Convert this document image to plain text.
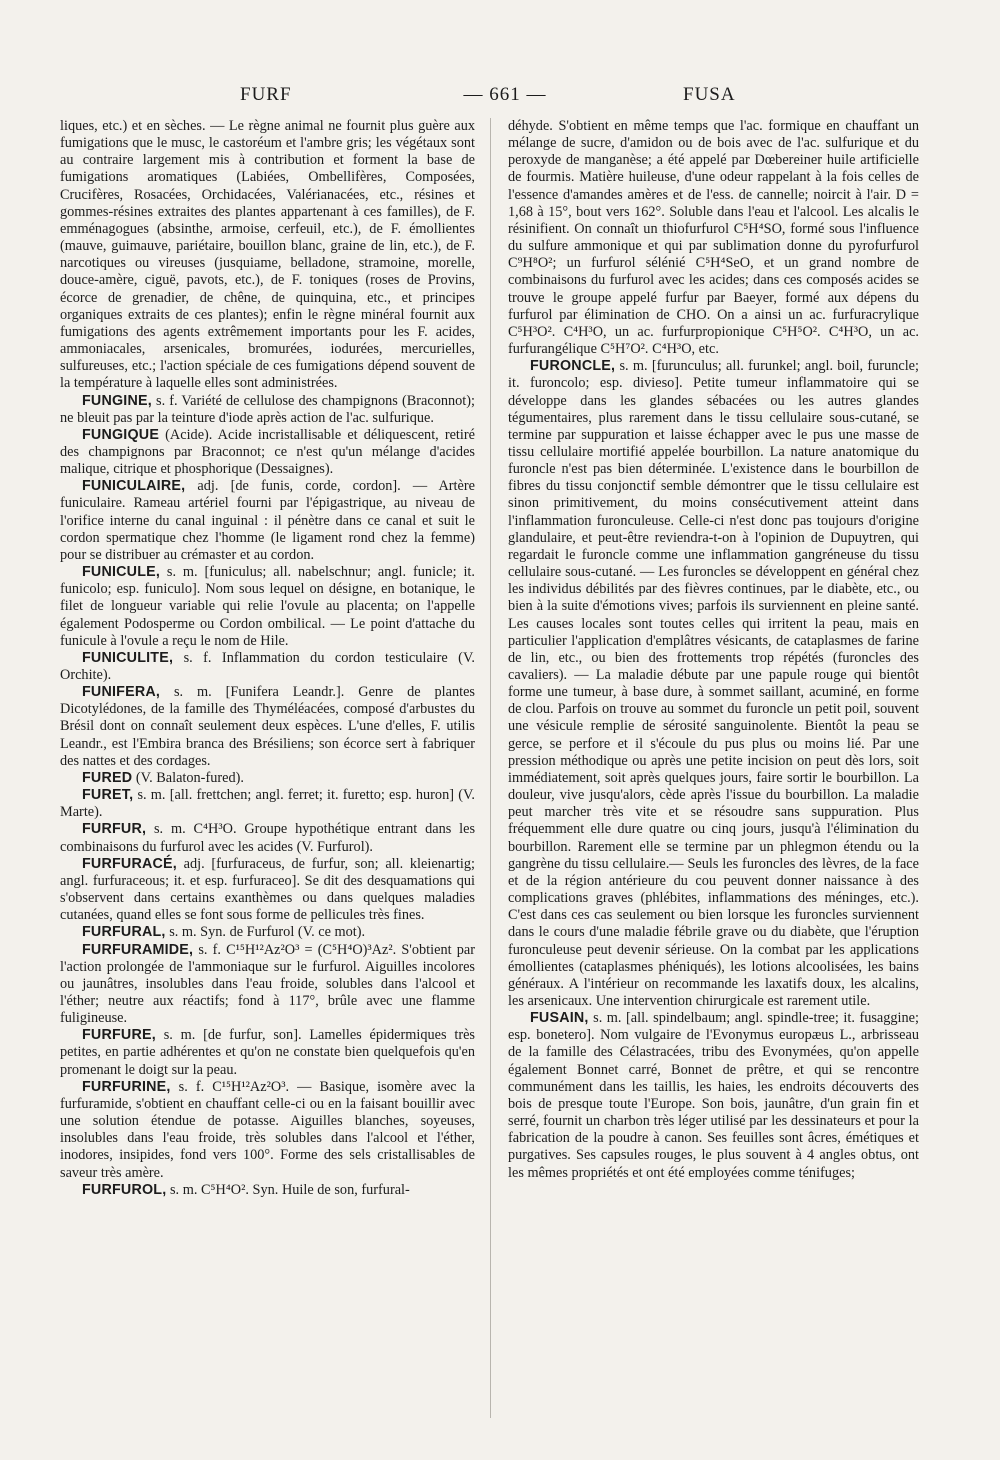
FURF	— 661 —	FUSA

liques, etc.) et en sèches. — Le règne animal ne fournit plus guère aux fumigations que le musc, le castoréum et l'ambre gris; les végétaux sont au contraire largement mis à contribution et forment la base de fumigations aromatiques (Labiées, Ombellifères, Composées, Crucifères, Rosacées, Orchidacées, Valérianacées, etc., résines et gommes-résines extraites des plantes appartenant à ces familles), de F. emménagogues (absinthe, armoise, cerfeuil, etc.), de F. émollientes (mauve, guimauve, pariétaire, bouillon blanc, graine de lin, etc.), de F. narcotiques ou vireuses (jusquiame, belladone, stramoine, morelle, douce-amère, ciguë, pavots, etc.), de F. toniques (roses de Provins, écorce de grenadier, de chêne, de quinquina, etc., et principes organiques extraits de ces plantes); enfin le règne minéral fournit aux fumigations des agents extrêmement importants pour les F. acides, ammoniacales, arsenicales, bromurées, iodurées, mercurielles, sulfureuses, etc.; l'action spéciale de ces fumigations dépend souvent de la température à laquelle elles sont administrées.

FUNGINE, s. f. Variété de cellulose des champignons (Braconnot); ne bleuit pas par la teinture d'iode après action de l'ac. sulfurique.

FUNGIQUE (Acide). Acide incristallisable et déliquescent, retiré des champignons par Braconnot; ce n'est qu'un mélange d'acides malique, citrique et phosphorique (Dessaignes).

FUNICULAIRE, adj. [de funis, corde, cordon]. — Artère funiculaire. Rameau artériel fourni par l'épigastrique, au niveau de l'orifice interne du canal inguinal : il pénètre dans ce canal et suit le cordon spermatique chez l'homme (le ligament rond chez la femme) pour se distribuer au crémaster et au cordon.

FUNICULE, s. m. [funiculus; all. nabelschnur; angl. funicle; it. funicolo; esp. funiculo]. Nom sous lequel on désigne, en botanique, le filet de longueur variable qui relie l'ovule au placenta; on l'appelle également Podosperme ou Cordon ombilical. — Le point d'attache du funicule à l'ovule a reçu le nom de Hile.

FUNICULITE, s. f. Inflammation du cordon testiculaire (V. Orchite).

FUNIFERA, s. m. [Funifera Leandr.]. Genre de plantes Dicotylédones, de la famille des Thyméléacées, composé d'arbustes du Brésil dont on connaît seulement deux espèces. L'une d'elles, F. utilis Leandr., est l'Embira branca des Brésiliens; son écorce sert à fabriquer des nattes et des cordages.

FURED (V. Balaton-fured).

FURET, s. m. [all. frettchen; angl. ferret; it. furetto; esp. huron] (V. Marte).

FURFUR, s. m. C⁴H³O. Groupe hypothétique entrant dans les combinaisons du furfurol avec les acides (V. Furfurol).

FURFURACÉ, adj. [furfuraceus, de furfur, son; all. kleienartig; angl. furfuraceous; it. et esp. furfuraceo]. Se dit des desquamations qui s'observent dans certains exanthèmes ou dans quelques maladies cutanées, quand elles se font sous forme de pellicules très fines.

FURFURAL, s. m. Syn. de Furfurol (V. ce mot).

FURFURAMIDE, s. f. C¹⁵H¹²Az²O³ = (C⁵H⁴O)³Az². S'obtient par l'action prolongée de l'ammoniaque sur le furfurol. Aiguilles incolores ou jaunâtres, insolubles dans l'eau froide, solubles dans l'alcool et l'éther; neutre aux réactifs; fond à 117°, brûle avec une flamme fuligineuse.

FURFURE, s. m. [de furfur, son]. Lamelles épidermiques très petites, en partie adhérentes et qu'on ne constate bien quelquefois qu'en promenant le doigt sur la peau.

FURFURINE, s. f. C¹⁵H¹²Az²O³. — Basique, isomère avec la furfuramide, s'obtient en chauffant celle-ci ou en la faisant bouillir avec une solution étendue de potasse. Aiguilles blanches, soyeuses, insolubles dans l'eau froide, très solubles dans l'alcool et l'éther, inodores, insipides, fond vers 100°. Forme des sels cristallisables de saveur très amère.

FURFUROL, s. m. C⁵H⁴O². Syn. Huile de son, furfural-

déhyde. S'obtient en même temps que l'ac. formique en chauffant un mélange de sucre, d'amidon ou de bois avec de l'ac. sulfurique et du peroxyde de manganèse; a été appelé par Dœbereiner huile artificielle de fourmis. Matière huileuse, d'une odeur rappelant à la fois celles de l'essence d'amandes amères et de l'ess. de cannelle; noircit à l'air. D = 1,68 à 15°, bout vers 162°. Soluble dans l'eau et l'alcool. Les alcalis le résinifient. On connaît un thiofurfurol C⁵H⁴SO, formé sous l'influence du sulfure ammonique et qui par sublimation donne du pyrofurfurol C⁹H⁸O²; un furfurol sélénié C⁵H⁴SeO, et un grand nombre de combinaisons du furfurol avec les acides; dans ces composés acides se trouve le groupe appelé furfur par Baeyer, formé aux dépens du furfurol par élimination de CHO. On a ainsi un ac. furfuracrylique C⁵H³O². C⁴H³O, un ac. furfurpropionique C⁵H⁵O². C⁴H³O, un ac. furfurangélique C⁵H⁷O². C⁴H³O, etc.

FURONCLE, s. m. [furunculus; all. furunkel; angl. boil, furuncle; it. furoncolo; esp. divieso]. Petite tumeur inflammatoire qui se développe dans les glandes sébacées ou les autres glandes tégumentaires, plus rarement dans le tissu cellulaire sous-cutané, se termine par suppuration et laisse échapper avec le pus une masse de tissu cellulaire mortifié appelée bourbillon. La nature anatomique du furoncle n'est pas bien déterminée. L'existence dans le bourbillon de fibres du tissu conjonctif semble démontrer que le tissu cellulaire est sinon primitivement, du moins consécutivement atteint dans l'inflammation furonculeuse. Celle-ci n'est donc pas toujours d'origine glandulaire, et peut-être reviendra-t-on à l'opinion de Dupuytren, qui regardait le furoncle comme une inflammation gangréneuse du tissu cellulaire sous-cutané. — Les furoncles se développent en général chez les individus débilités par des fièvres continues, par le diabète, etc., ou bien à la suite d'émotions vives; parfois ils surviennent en pleine santé. Les causes locales sont toutes celles qui irritent la peau, mais en particulier l'application d'emplâtres vésicants, de cataplasmes de farine de lin, etc., ou bien des frottements trop répétés (furoncles des cavaliers). — La maladie débute par une papule rouge qui bientôt forme une tumeur, à base dure, à sommet saillant, acuminé, en forme de clou. Parfois on trouve au sommet du furoncle un petit poil, souvent une vésicule remplie de sérosité sanguinolente. Bientôt la peau se gerce, se perfore et il s'écoule du pus plus ou moins lié. Par une pression méthodique ou après une petite incision on peut dès lors, soit immédiatement, soit après quelques jours, faire sortir le bourbillon. La douleur, vive jusqu'alors, cède après l'issue du bourbillon. La maladie peut marcher très vite et se résoudre sans suppuration. Plus fréquemment elle dure quatre ou cinq jours, jusqu'à l'élimination du bourbillon. Rarement elle se termine par un phlegmon étendu ou la gangrène du tissu cellulaire.— Seuls les furoncles des lèvres, de la face et de la région antérieure du cou peuvent donner naissance à des complications graves (phlébites, inflammations des méninges, etc.). C'est dans ces cas seulement ou bien lorsque les furoncles surviennent dans le cours d'une maladie fébrile grave ou du diabète, que l'éruption furonculeuse peut devenir sérieuse. On la combat par les applications émollientes (cataplasmes phéniqués), les lotions alcoolisées, les bains généraux. A l'intérieur on recommande les laxatifs doux, les alcalins, les arsenicaux. Une intervention chirurgicale est rarement utile.

FUSAIN, s. m. [all. spindelbaum; angl. spindle-tree; it. fusaggine; esp. bonetero]. Nom vulgaire de l'Evonymus europæus L., arbrisseau de la famille des Célastracées, tribu des Evonymées, qu'on appelle également Bonnet carré, Bonnet de prêtre, et qui se rencontre communément dans les taillis, les haies, les endroits découverts des bois de presque toute l'Europe. Son bois, jaunâtre, d'un grain fin et serré, fournit un charbon très léger utilisé par les dessinateurs et pour la fabrication de la poudre à canon. Ses feuilles sont âcres, émétiques et purgatives. Ses capsules rouges, le plus souvent à 4 angles obtus, ont les mêmes propriétés et ont été employées comme ténifuges;
